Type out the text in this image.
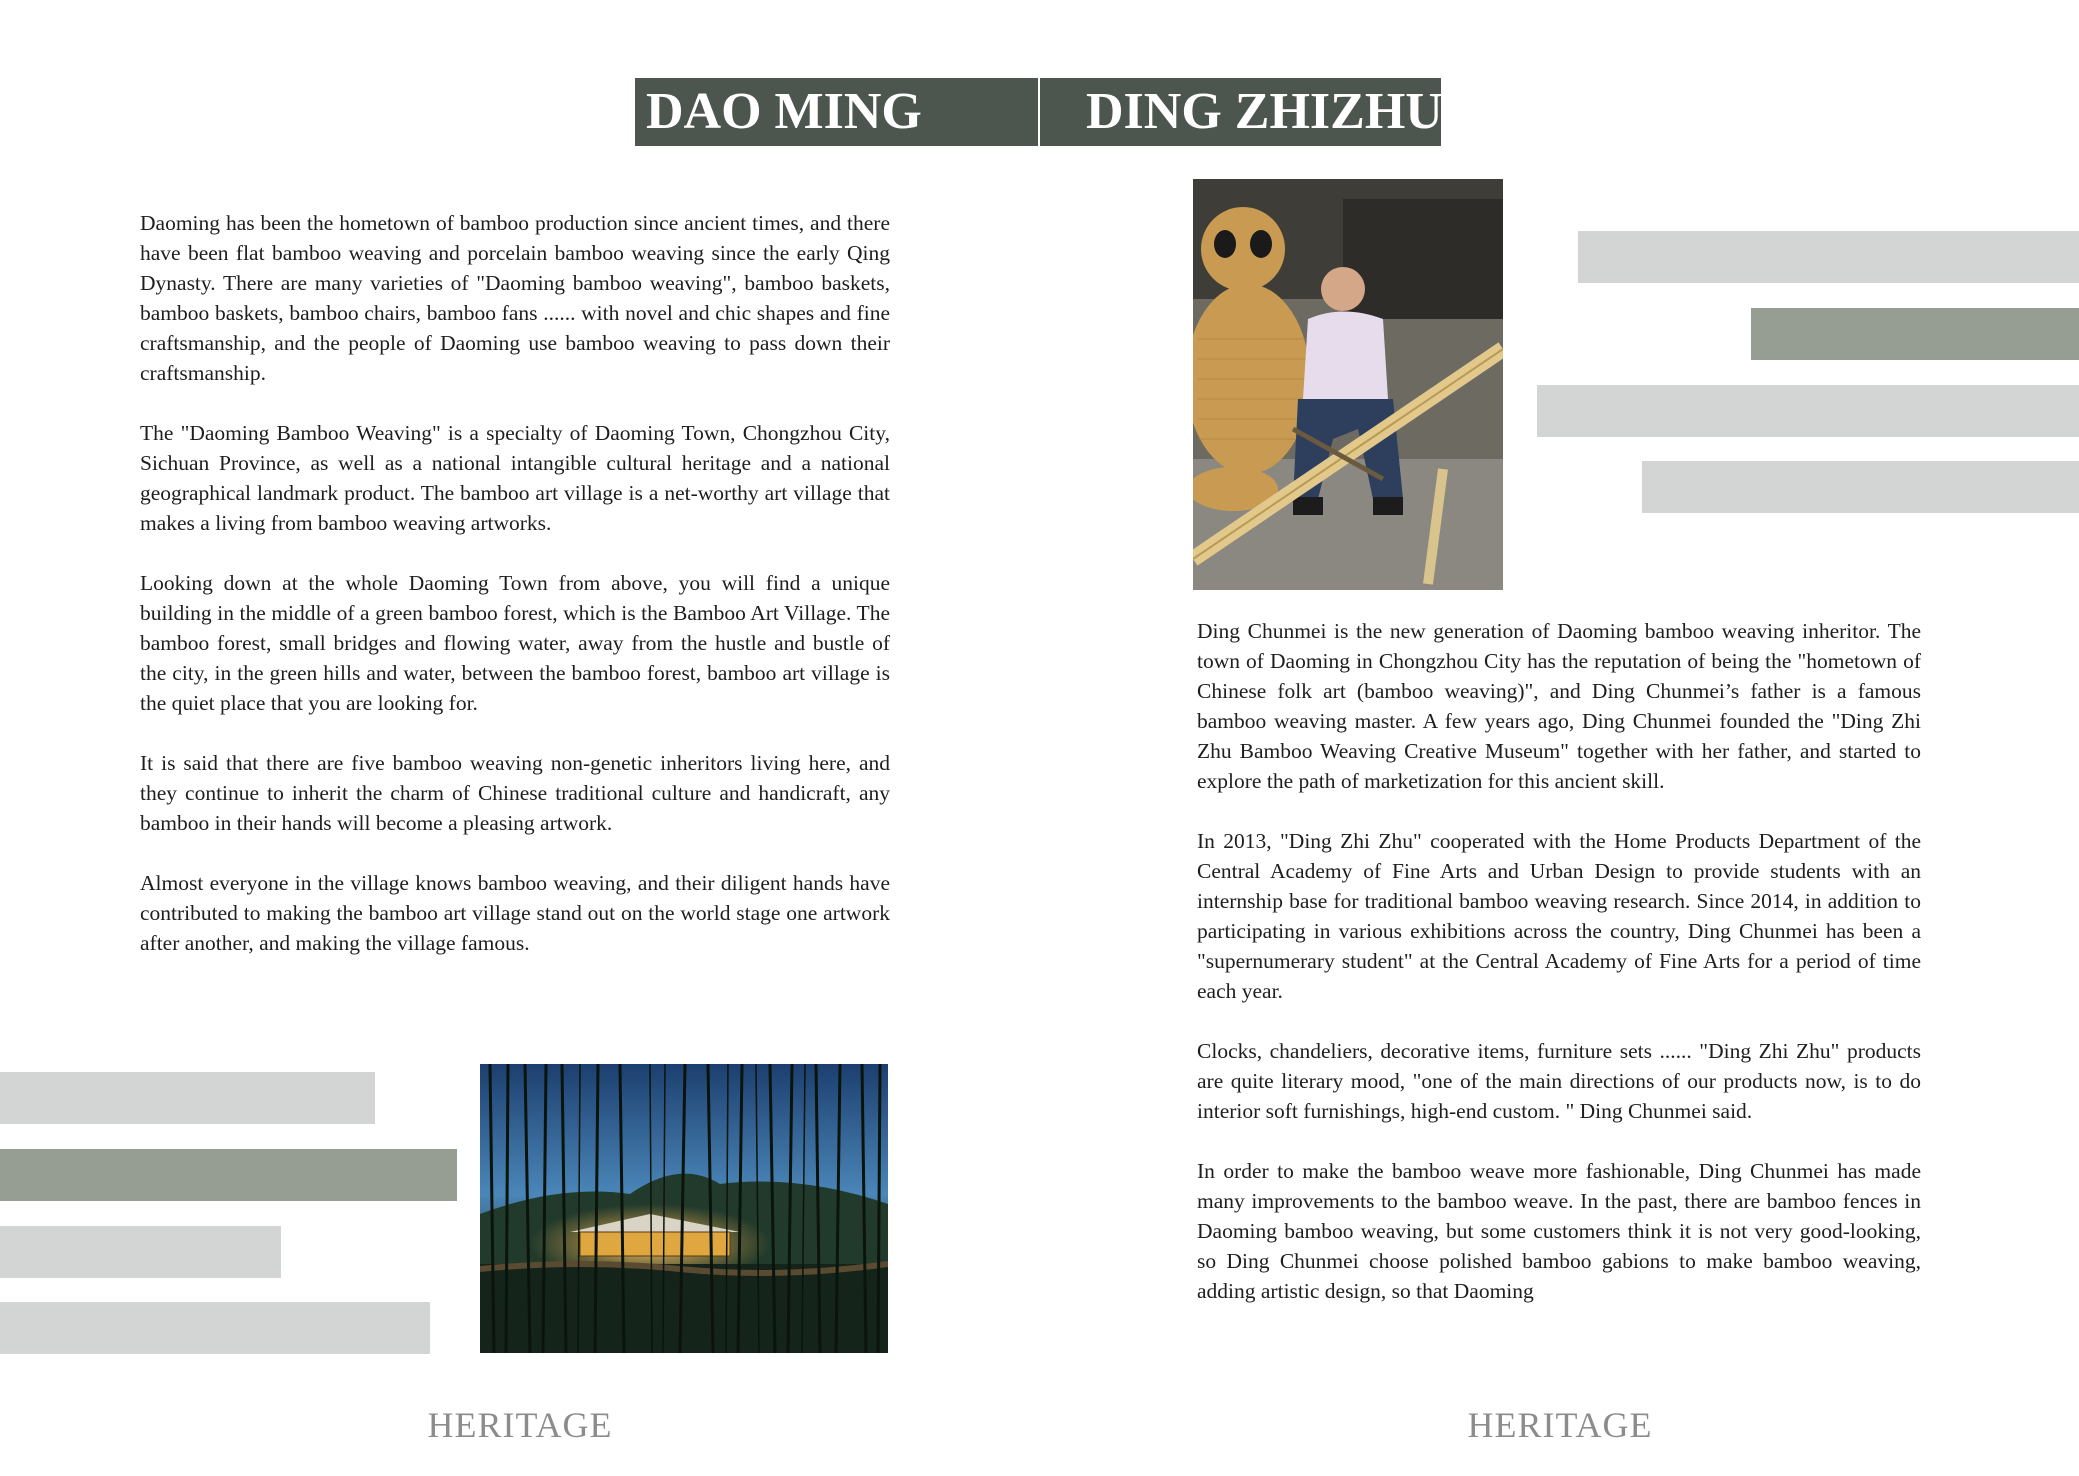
DAO MING	DING ZHIZHU

Daoming has been the hometown of bamboo production since ancient times, and there have been flat bamboo weaving and porcelain bamboo weaving since the early Qing Dynasty. There are many varieties of "Daoming bamboo weaving", bamboo baskets, bamboo baskets, bamboo chairs, bamboo fans ...... with novel and chic shapes and fine craftsmanship, and the people of Daoming use bamboo weaving to pass down their craftsmanship.

The "Daoming Bamboo Weaving" is a specialty of Daoming Town, Chongzhou City, Sichuan Province, as well as a national intangible cultural heritage and a national geographical landmark product. The bamboo art village is a net-worthy art village that makes a living from bamboo weaving artworks.

Looking down at the whole Daoming Town from above, you will find a unique building in the middle of a green bamboo forest, which is the Bamboo Art Village. The bamboo forest, small bridges and flowing water, away from the hustle and bustle of the city, in the green hills and water, between the bamboo forest, bamboo art village is the quiet place that you are looking for.

It is said that there are five bamboo weaving non-genetic inheritors living here, and they continue to inherit the charm of Chinese traditional culture and handicraft, any bamboo in their hands will become a pleasing artwork.

Almost everyone in the village knows bamboo weaving, and their diligent hands have contributed to making the bamboo art village stand out on the world stage one artwork after another, and making the village famous.

HERITAGE

Ding Chunmei is the new generation of Daoming bamboo weaving inheritor. The town of Daoming in Chongzhou City has the reputation of being the "hometown of Chinese folk art (bamboo weaving)", and Ding Chunmei’s father is a famous bamboo weaving master. A few years ago, Ding Chunmei founded the "Ding Zhi Zhu Bamboo Weaving Creative Museum" together with her father, and started to explore the path of marketization for this ancient skill.

In 2013, "Ding Zhi Zhu" cooperated with the Home Products Department of the Central Academy of Fine Arts and Urban Design to provide students with an internship base for traditional bamboo weaving research. Since 2014, in addition to participating in various exhibitions across the country, Ding Chunmei has been a "supernumerary student" at the Central Academy of Fine Arts for a period of time each year.

Clocks, chandeliers, decorative items, furniture sets ...... "Ding Zhi Zhu" products are quite literary mood, "one of the main directions of our products now, is to do interior soft furnishings, high-end custom. " Ding Chunmei said.

In order to make the bamboo weave more fashionable, Ding Chunmei has made many improvements to the bamboo weave. In the past, there are bamboo fences in Daoming bamboo weaving, but some customers think it is not very good-looking, so Ding Chunmei choose polished bamboo gabions to make bamboo weaving, adding artistic design, so that Daoming

HERITAGE
